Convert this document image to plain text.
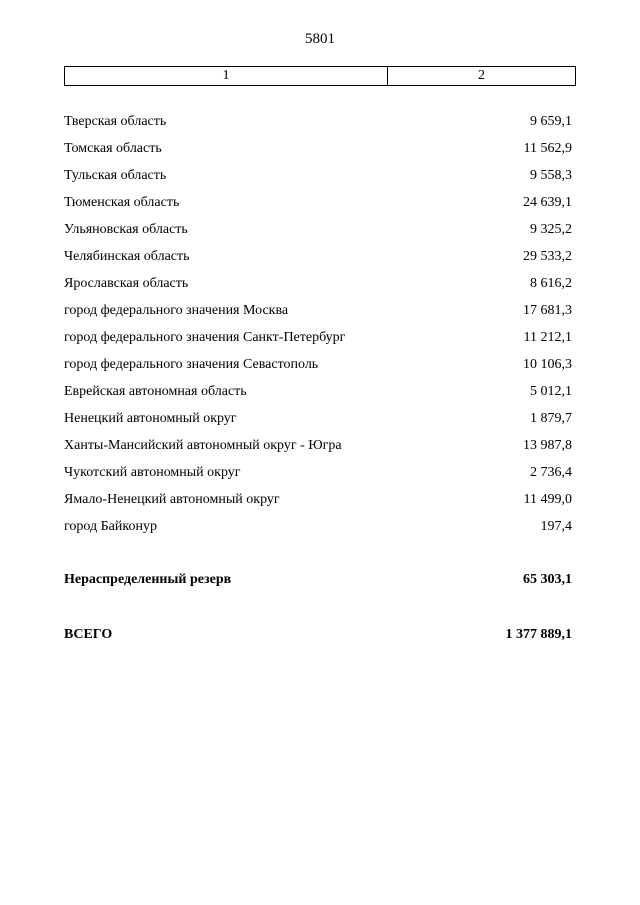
5801
1	2
Тверская область	9 659,1
Томская область	11 562,9
Тульская область	9 558,3
Тюменская область	24 639,1
Ульяновская область	9 325,2
Челябинская область	29 533,2
Ярославская область	8 616,2
город федерального значения Москва	17 681,3
город федерального значения Санкт-Петербург	11 212,1
город федерального значения Севастополь	10 106,3
Еврейская автономная область	5 012,1
Ненецкий автономный округ	1 879,7
Ханты-Мансийский автономный округ - Югра	13 987,8
Чукотский автономный округ	2 736,4
Ямало-Ненецкий автономный округ	11 499,0
город Байконур	197,4
Нераспределенный резерв	65 303,1
ВСЕГО	1 377 889,1
